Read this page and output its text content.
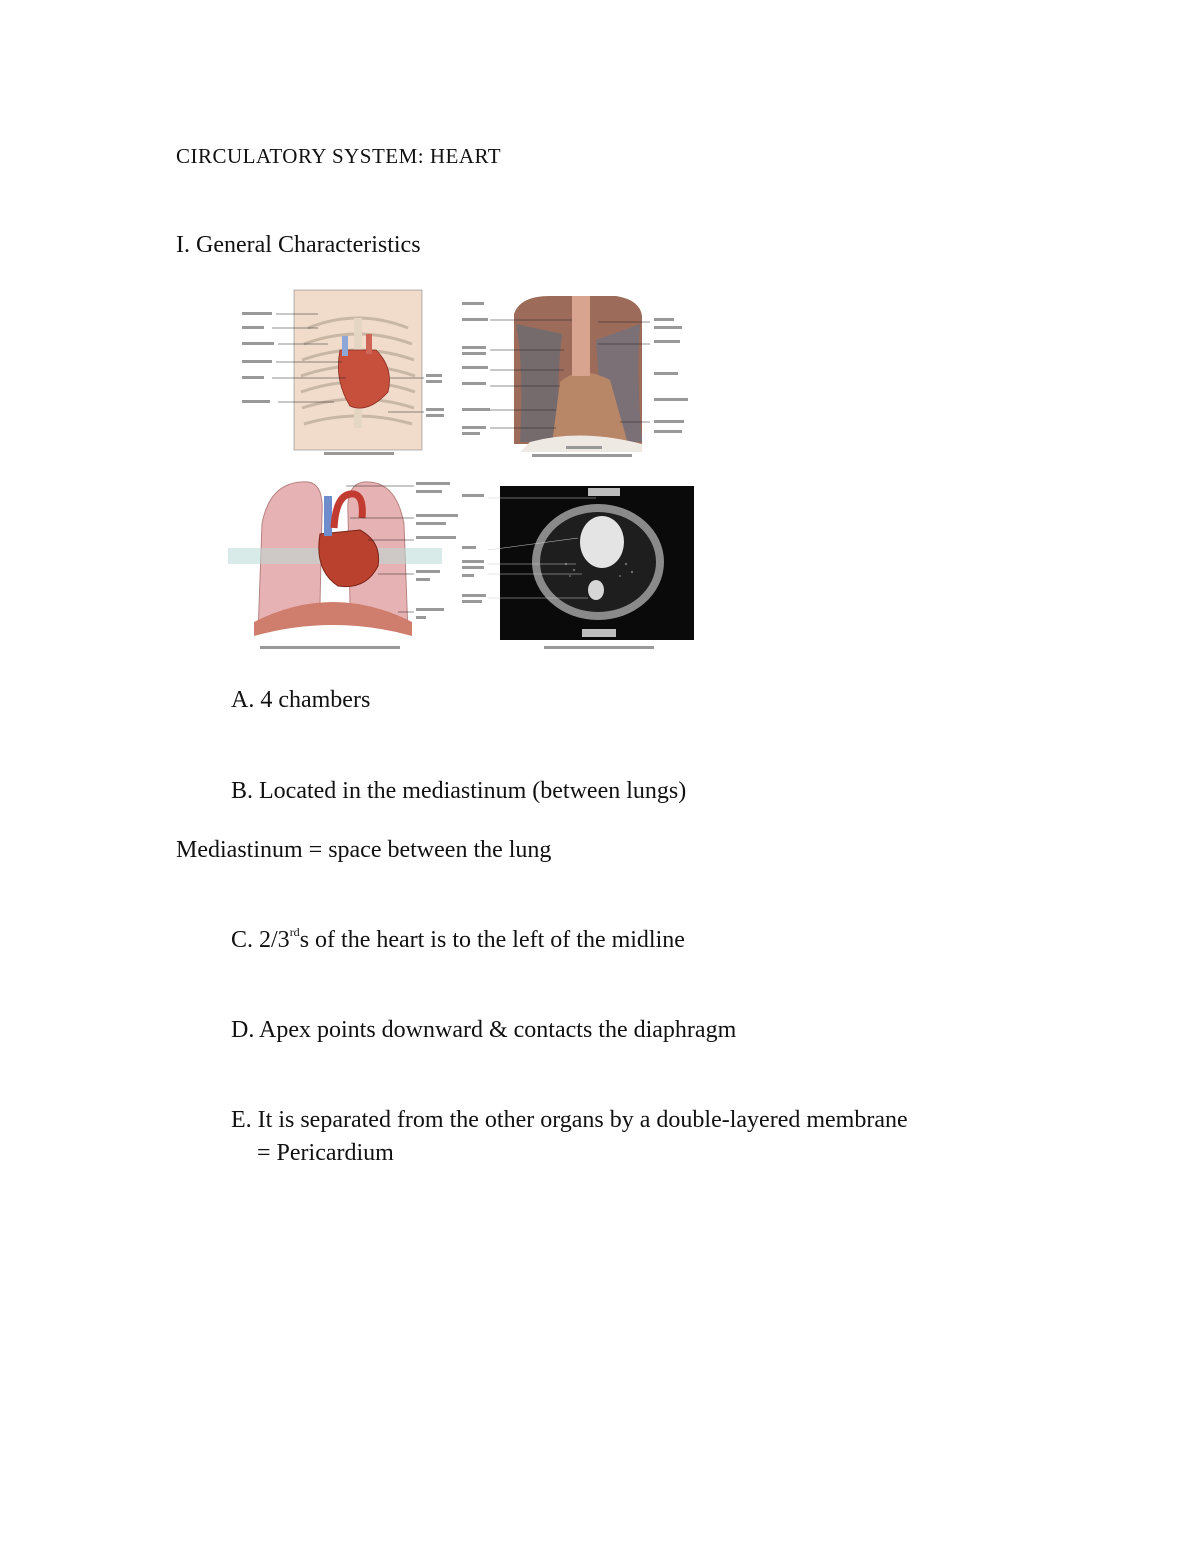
CIRCULATORY SYSTEM: HEART
I. General Characteristics
A. 4 chambers
B. Located in the mediastinum (between lungs)
Mediastinum = space between the lung
C. 2/3rds of the heart is to the left of the midline
D. Apex points downward & contacts the diaphragm
E. It is separated from the other organs by a double-layered membrane
= Pericardium
